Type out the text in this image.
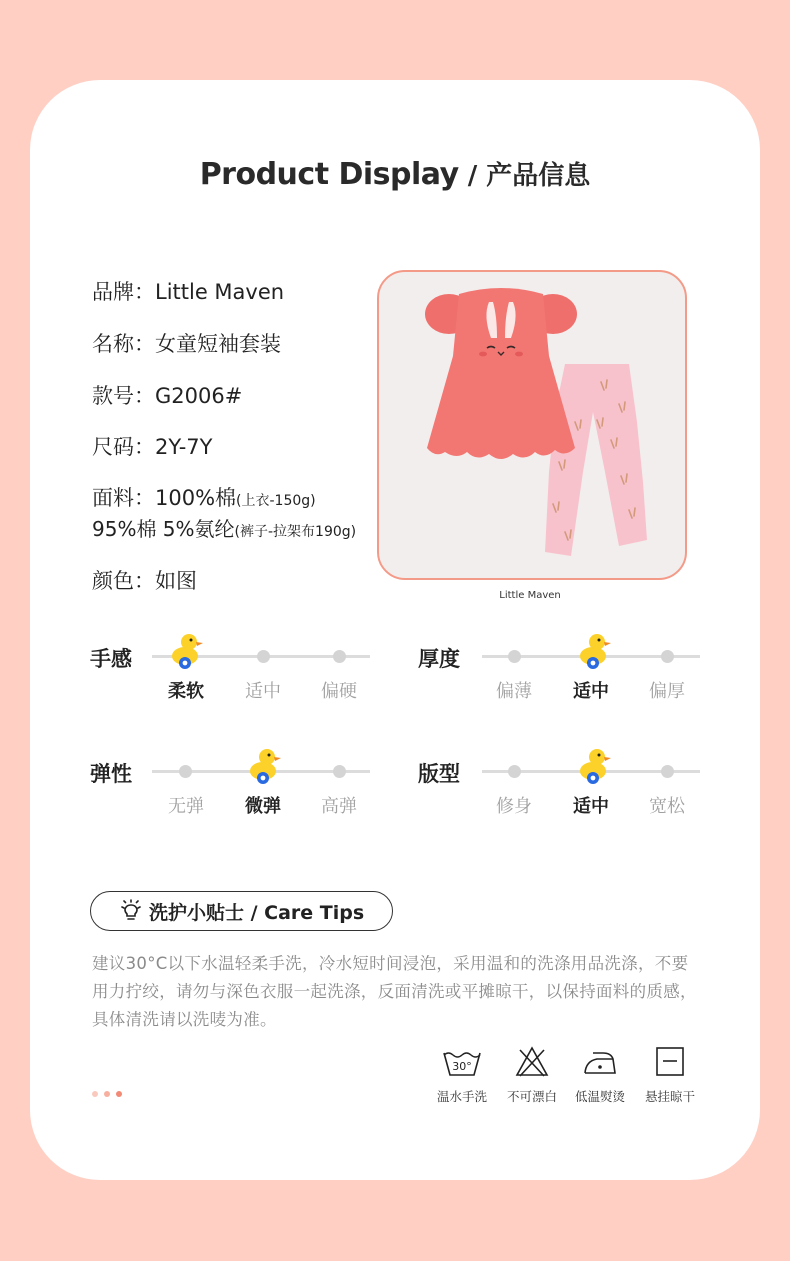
Product Display / 产品信息
品牌：Little Maven
名称：女童短袖套装
款号：G2006#
尺码：2Y-7Y
面料：100%棉(上衣-150g)
95%棉 5%氨纶(裤子-拉架布190g)
颜色：如图
Little Maven
手感
柔软	适中	偏硬
厚度
偏薄	适中	偏厚
弹性
无弹	微弹	高弹
版型
修身	适中	宽松
洗护小贴士 / Care Tips
建议30°C以下水温轻柔手洗，冷水短时间浸泡，采用温和的洗涤用品洗涤，不要用力拧绞，请勿与深色衣服一起洗涤，反面清洗或平摊晾干，以保持面料的质感，具体清洗请以洗唛为准。
30°
温水手洗	不可漂白	低温熨烫	悬挂晾干
